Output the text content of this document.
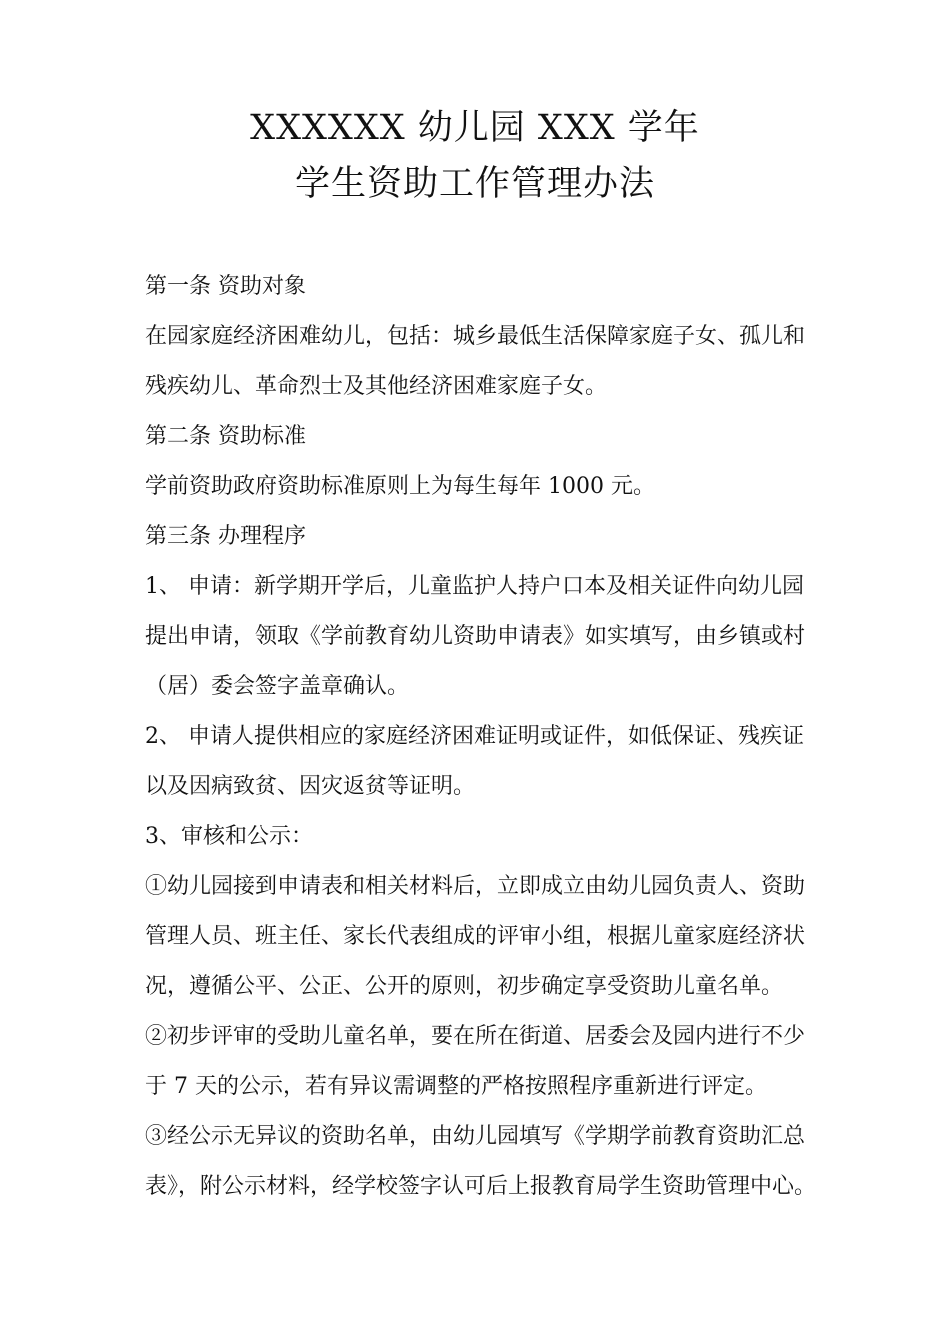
XXXXXX 幼儿园 XXX 学年
学生资助工作管理办法

第一条 资助对象

在园家庭经济困难幼儿，包括：城乡最低生活保障家庭子女、孤儿和

残疾幼儿、革命烈士及其他经济困难家庭子女。

第二条 资助标准

学前资助政府资助标准原则上为每生每年 1000 元。

第三条 办理程序

1、 申请：新学期开学后，儿童监护人持户口本及相关证件向幼儿园

提出申请，领取《学前教育幼儿资助申请表》如实填写，由乡镇或村

（居）委会签字盖章确认。

2、 申请人提供相应的家庭经济困难证明或证件，如低保证、残疾证

以及因病致贫、因灾返贫等证明。

3、审核和公示：

①幼儿园接到申请表和相关材料后，立即成立由幼儿园负责人、资助

管理人员、班主任、家长代表组成的评审小组，根据儿童家庭经济状

况，遵循公平、公正、公开的原则，初步确定享受资助儿童名单。

②初步评审的受助儿童名单，要在所在街道、居委会及园内进行不少

于 7 天的公示，若有异议需调整的严格按照程序重新进行评定。

③经公示无异议的资助名单，由幼儿园填写《学期学前教育资助汇总

表》，附公示材料，经学校签字认可后上报教育局学生资助管理中心。
